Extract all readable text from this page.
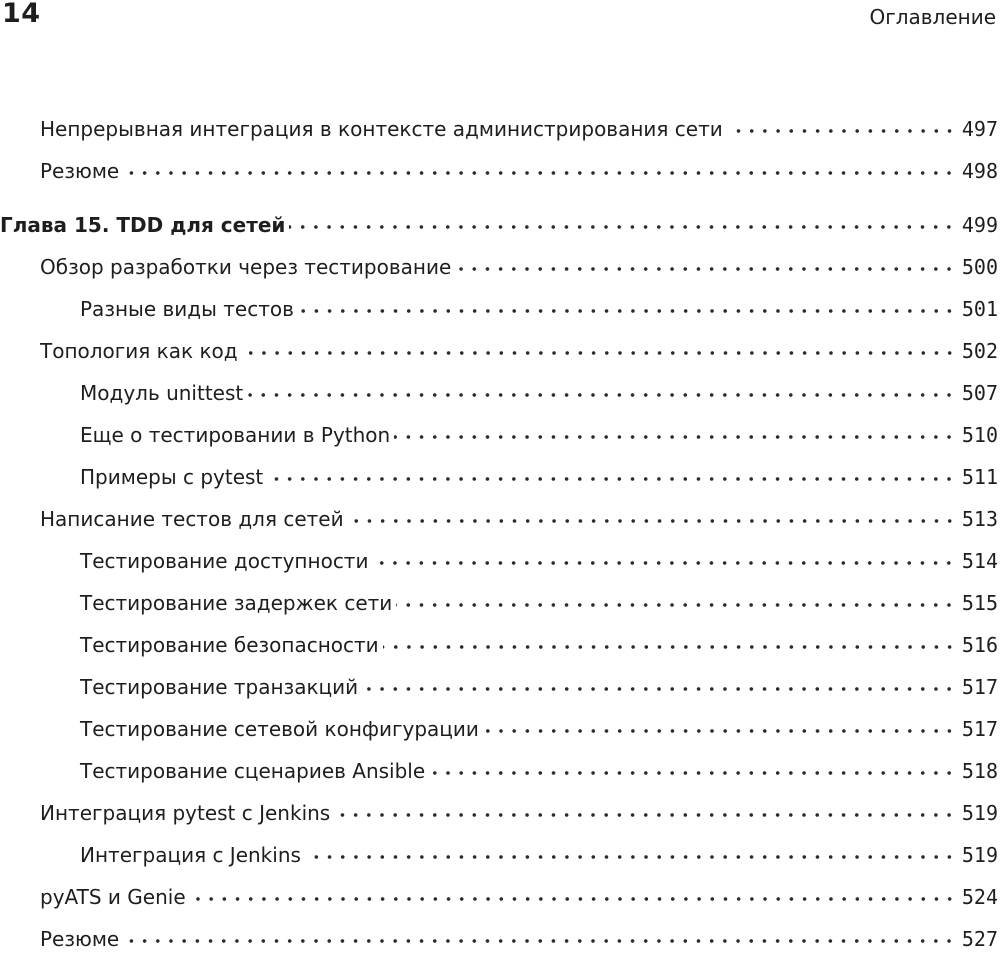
14	Оглавление
Непрерывная интеграция в контексте администрирования сети	497
Резюме	498
Глава 15. TDD для сетей	499
Обзор разработки через тестирование	500
Разные виды тестов	501
Топология как код	502
Модуль unittest	507
Еще о тестировании в Python	510
Примеры с pytest	511
Написание тестов для сетей	513
Тестирование доступности	514
Тестирование задержек сети	515
Тестирование безопасности	516
Тестирование транзакций	517
Тестирование сетевой конфигурации	517
Тестирование сценариев Ansible	518
Интеграция pytest с Jenkins	519
Интеграция с Jenkins	519
pyATS и Genie	524
Резюме	527
